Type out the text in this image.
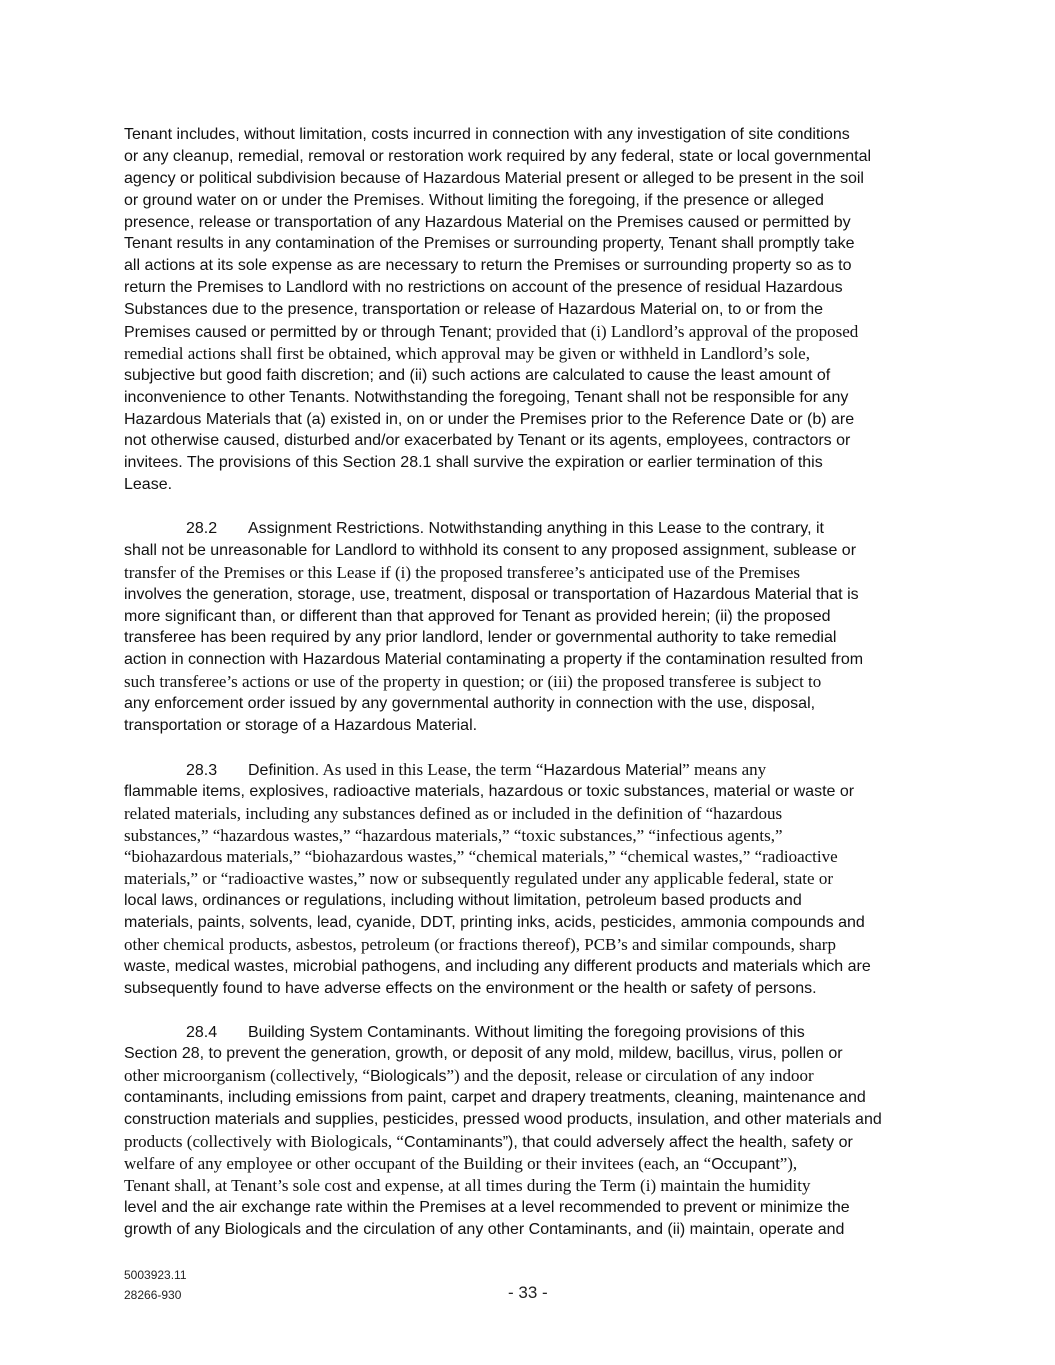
Tenant includes, without limitation, costs incurred in connection with any investigation of site conditions
or any cleanup, remedial, removal or restoration work required by any federal, state or local governmental
agency or political subdivision because of Hazardous Material present or alleged to be present in the soil
or ground water on or under the Premises. Without limiting the foregoing, if the presence or alleged
presence, release or transportation of any Hazardous Material on the Premises caused or permitted by
Tenant results in any contamination of the Premises or surrounding property, Tenant shall promptly take
all actions at its sole expense as are necessary to return the Premises or surrounding property so as to
return the Premises to Landlord with no restrictions on account of the presence of residual Hazardous
Substances due to the presence, transportation or release of Hazardous Material on, to or from the
Premises caused or permitted by or through Tenant; provided that (i) Landlord’s approval of the proposed
remedial actions shall first be obtained, which approval may be given or withheld in Landlord’s sole,
subjective but good faith discretion; and (ii) such actions are calculated to cause the least amount of
inconvenience to other Tenants. Notwithstanding the foregoing, Tenant shall not be responsible for any
Hazardous Materials that (a) existed in, on or under the Premises prior to the Reference Date or (b) are
not otherwise caused, disturbed and/or exacerbated by Tenant or its agents, employees, contractors or
invitees. The provisions of this Section 28.1 shall survive the expiration or earlier termination of this
Lease.
28.2 Assignment Restrictions. Notwithstanding anything in this Lease to the contrary, it
shall not be unreasonable for Landlord to withhold its consent to any proposed assignment, sublease or
transfer of the Premises or this Lease if (i) the proposed transferee’s anticipated use of the Premises
involves the generation, storage, use, treatment, disposal or transportation of Hazardous Material that is
more significant than, or different than that approved for Tenant as provided herein; (ii) the proposed
transferee has been required by any prior landlord, lender or governmental authority to take remedial
action in connection with Hazardous Material contaminating a property if the contamination resulted from
such transferee’s actions or use of the property in question; or (iii) the proposed transferee is subject to
any enforcement order issued by any governmental authority in connection with the use, disposal,
transportation or storage of a Hazardous Material.
28.3 Definition. As used in this Lease, the term “Hazardous Material” means any
flammable items, explosives, radioactive materials, hazardous or toxic substances, material or waste or
related materials, including any substances defined as or included in the definition of “hazardous
substances,” “hazardous wastes,” “hazardous materials,” “toxic substances,” “infectious agents,”
“biohazardous materials,” “biohazardous wastes,” “chemical materials,” “chemical wastes,” “radioactive
materials,” or “radioactive wastes,” now or subsequently regulated under any applicable federal, state or
local laws, ordinances or regulations, including without limitation, petroleum based products and
materials, paints, solvents, lead, cyanide, DDT, printing inks, acids, pesticides, ammonia compounds and
other chemical products, asbestos, petroleum (or fractions thereof), PCB’s and similar compounds, sharp
waste, medical wastes, microbial pathogens, and including any different products and materials which are
subsequently found to have adverse effects on the environment or the health or safety of persons.
28.4 Building System Contaminants. Without limiting the foregoing provisions of this
Section 28, to prevent the generation, growth, or deposit of any mold, mildew, bacillus, virus, pollen or
other microorganism (collectively, “Biologicals”) and the deposit, release or circulation of any indoor
contaminants, including emissions from paint, carpet and drapery treatments, cleaning, maintenance and
construction materials and supplies, pesticides, pressed wood products, insulation, and other materials and
products (collectively with Biologicals, “Contaminants”), that could adversely affect the health, safety or
welfare of any employee or other occupant of the Building or their invitees (each, an “Occupant”),
Tenant shall, at Tenant’s sole cost and expense, at all times during the Term (i) maintain the humidity
level and the air exchange rate within the Premises at a level recommended to prevent or minimize the
growth of any Biologicals and the circulation of any other Contaminants, and (ii) maintain, operate and
5003923.11
28266-930	- 33 -
